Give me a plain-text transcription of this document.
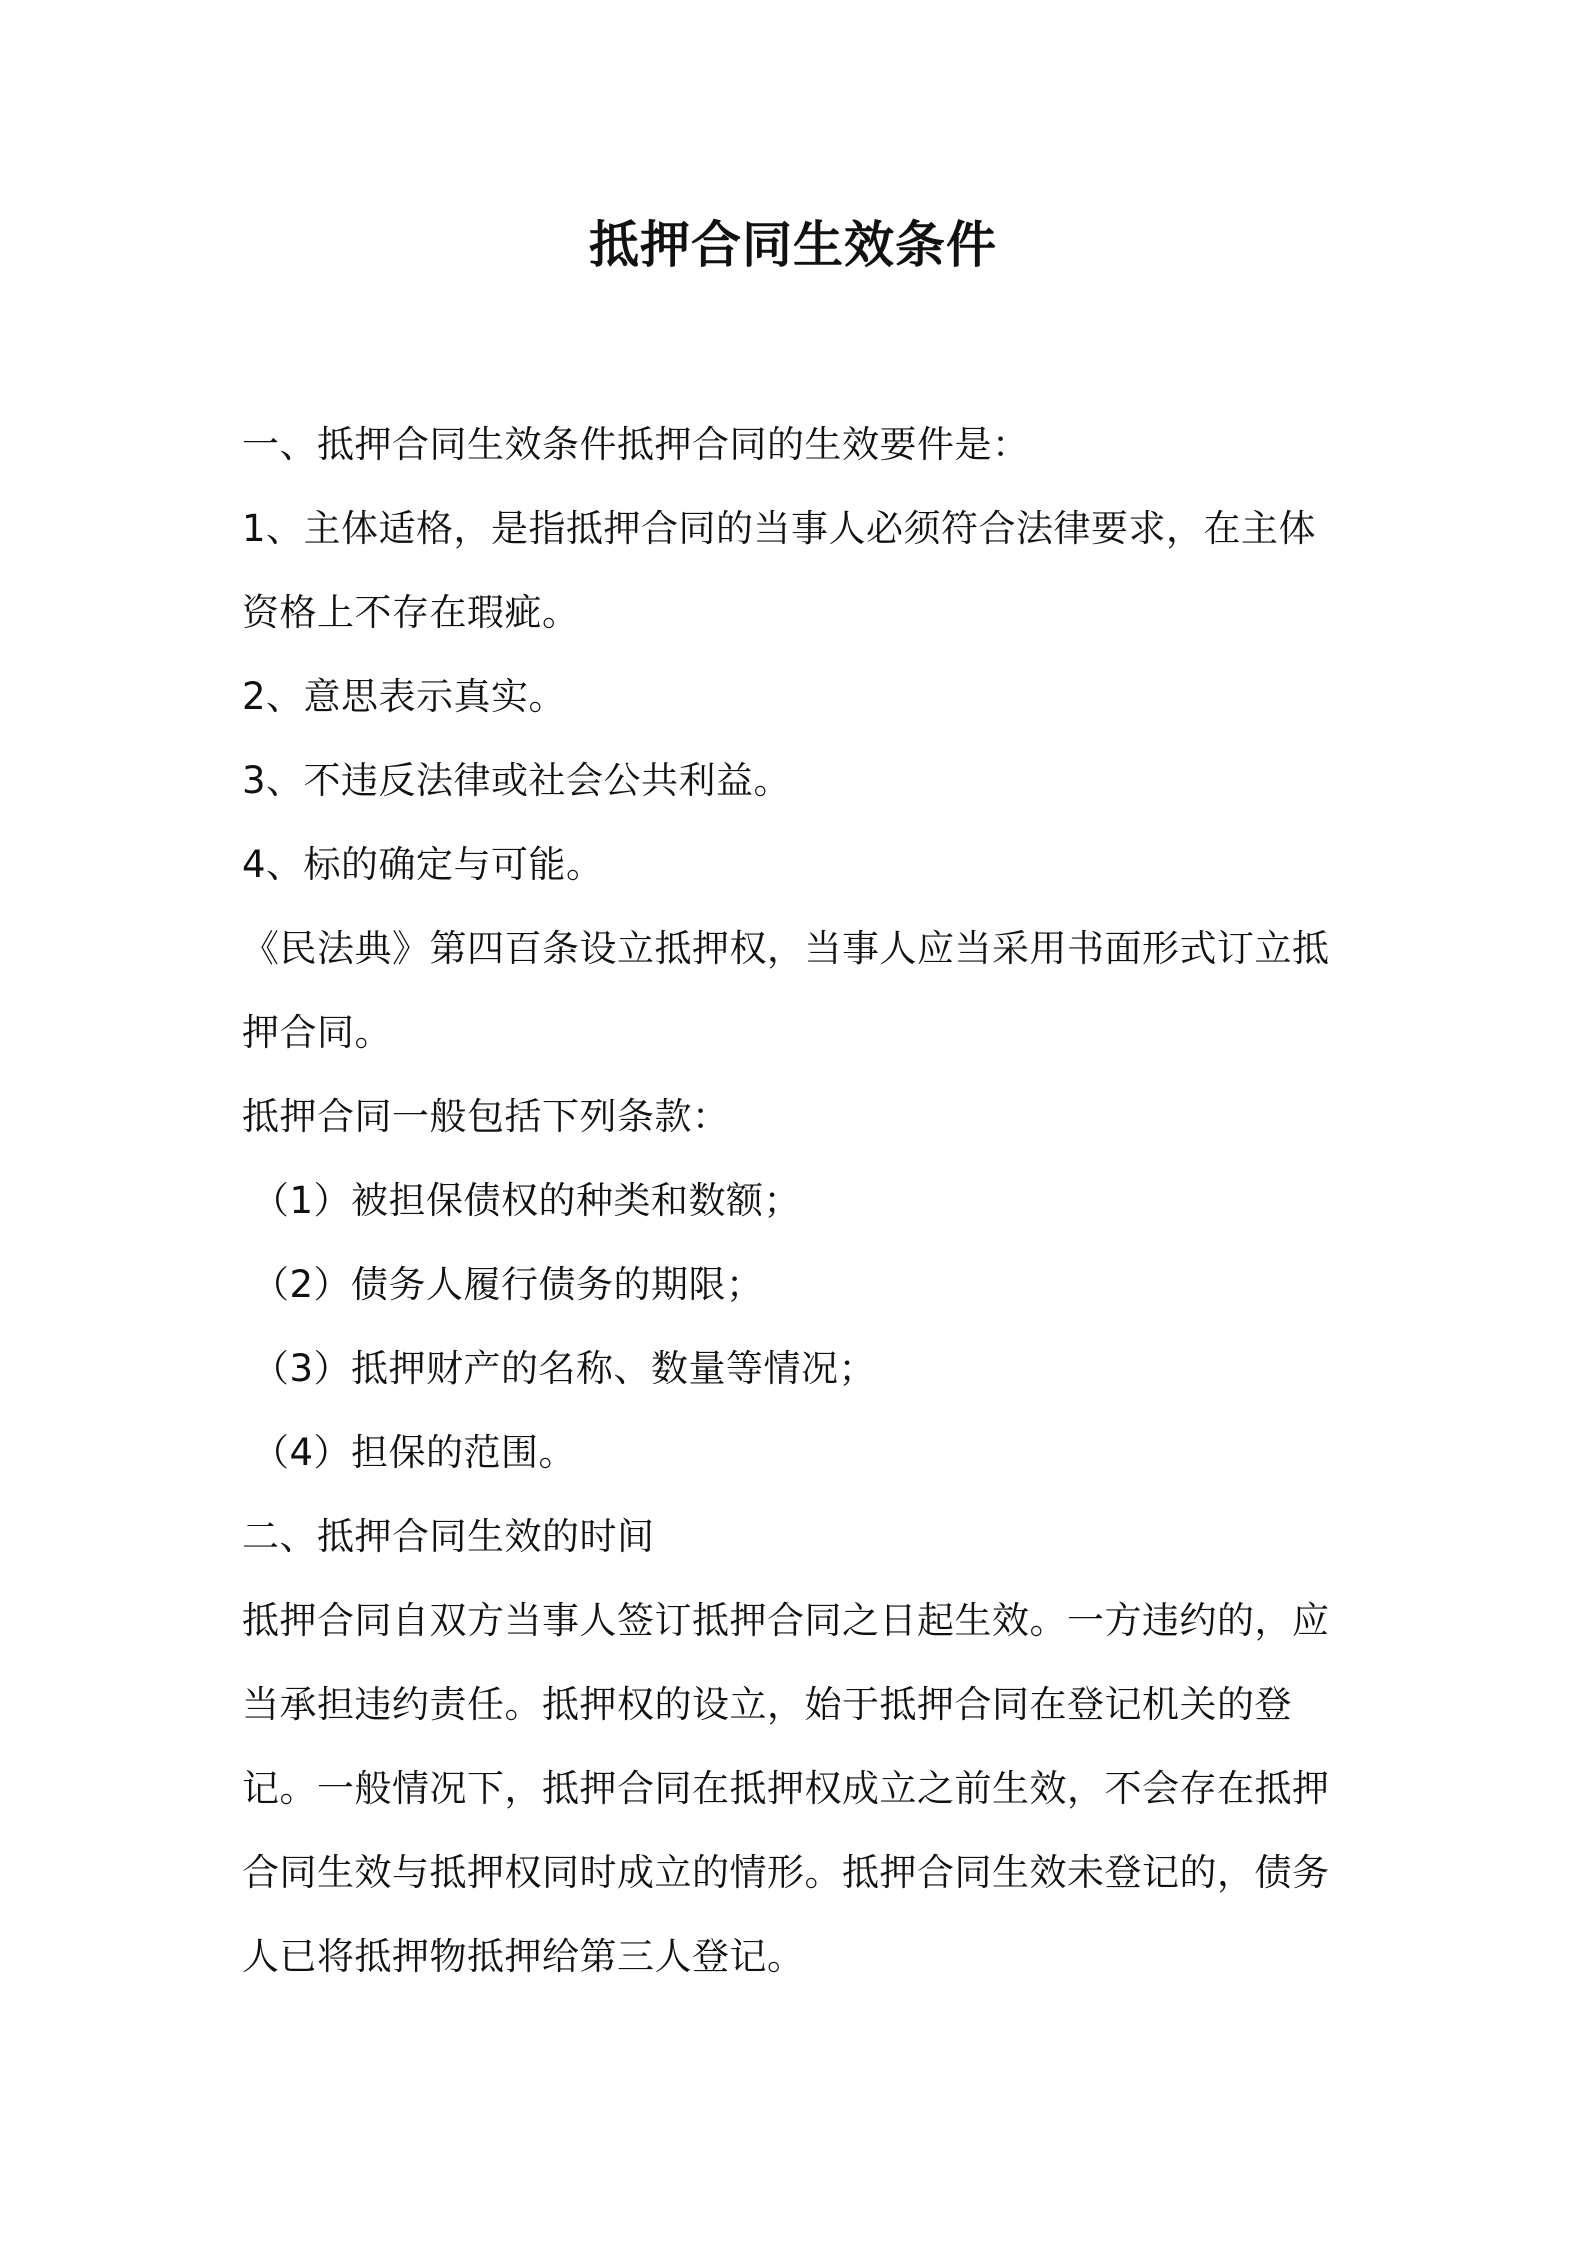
抵押合同生效条件

一、抵押合同生效条件抵押合同的生效要件是：

1、主体适格，是指抵押合同的当事人必须符合法律要求，在主体资格上不存在瑕疵。

2、意思表示真实。

3、不违反法律或社会公共利益。

4、标的确定与可能。

《民法典》第四百条设立抵押权，当事人应当采用书面形式订立抵押合同。

抵押合同一般包括下列条款：

（1）被担保债权的种类和数额；

（2）债务人履行债务的期限；

（3）抵押财产的名称、数量等情况；

（4）担保的范围。

二、抵押合同生效的时间

抵押合同自双方当事人签订抵押合同之日起生效。一方违约的，应当承担违约责任。抵押权的设立，始于抵押合同在登记机关的登记。一般情况下，抵押合同在抵押权成立之前生效，不会存在抵押合同生效与抵押权同时成立的情形。抵押合同生效未登记的，债务人已将抵押物抵押给第三人登记。
